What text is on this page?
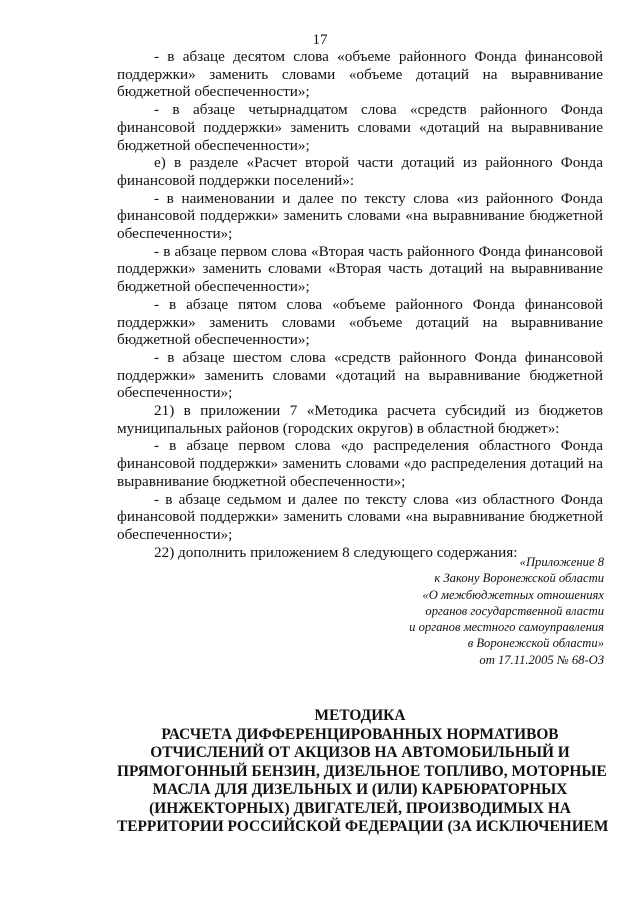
17

- в абзаце десятом слова «объеме районного Фонда финансовой поддержки» заменить словами «объеме дотаций на выравнивание бюджетной обеспеченности»;

- в абзаце четырнадцатом слова «средств районного Фонда финансовой поддержки» заменить словами «дотаций на выравнивание бюджетной обеспеченности»;

е) в разделе «Расчет второй части дотаций из районного Фонда финансовой поддержки поселений»:

- в наименовании и далее по тексту слова «из районного Фонда финансовой поддержки» заменить словами «на выравнивание бюджетной обеспеченности»;

- в абзаце первом слова «Вторая часть районного Фонда финансовой поддержки» заменить словами «Вторая часть дотаций на выравнивание бюджетной обеспеченности»;

- в абзаце пятом слова «объеме районного Фонда финансовой поддержки» заменить словами «объеме дотаций на выравнивание бюджетной обеспеченности»;

- в абзаце шестом слова «средств районного Фонда финансовой поддержки» заменить словами «дотаций на выравнивание бюджетной обеспеченности»;

21) в приложении 7 «Методика расчета субсидий из бюджетов муниципальных районов (городских округов) в областной бюджет»:

- в абзаце первом слова «до распределения областного Фонда финансовой поддержки» заменить словами «до распределения дотаций на выравнивание бюджетной обеспеченности»;

- в абзаце седьмом и далее по тексту слова «из областного Фонда финансовой поддержки» заменить словами «на выравнивание бюджетной обеспеченности»;

22) дополнить приложением 8 следующего содержания:

«Приложение 8
к Закону Воронежской области
«О межбюджетных отношениях
органов государственной власти
и органов местного самоуправления
в Воронежской области»
от 17.11.2005 № 68-ОЗ
МЕТОДИКА
РАСЧЕТА ДИФФЕРЕНЦИРОВАННЫХ НОРМАТИВОВ
ОТЧИСЛЕНИЙ ОТ АКЦИЗОВ НА АВТОМОБИЛЬНЫЙ И
ПРЯМОГОННЫЙ БЕНЗИН, ДИЗЕЛЬНОЕ ТОПЛИВО, МОТОРНЫЕ
МАСЛА ДЛЯ ДИЗЕЛЬНЫХ И (ИЛИ) КАРБЮРАТОРНЫХ
(ИНЖЕКТОРНЫХ) ДВИГАТЕЛЕЙ, ПРОИЗВОДИМЫХ НА
ТЕРРИТОРИИ РОССИЙСКОЙ ФЕДЕРАЦИИ (ЗА ИСКЛЮЧЕНИЕМ
